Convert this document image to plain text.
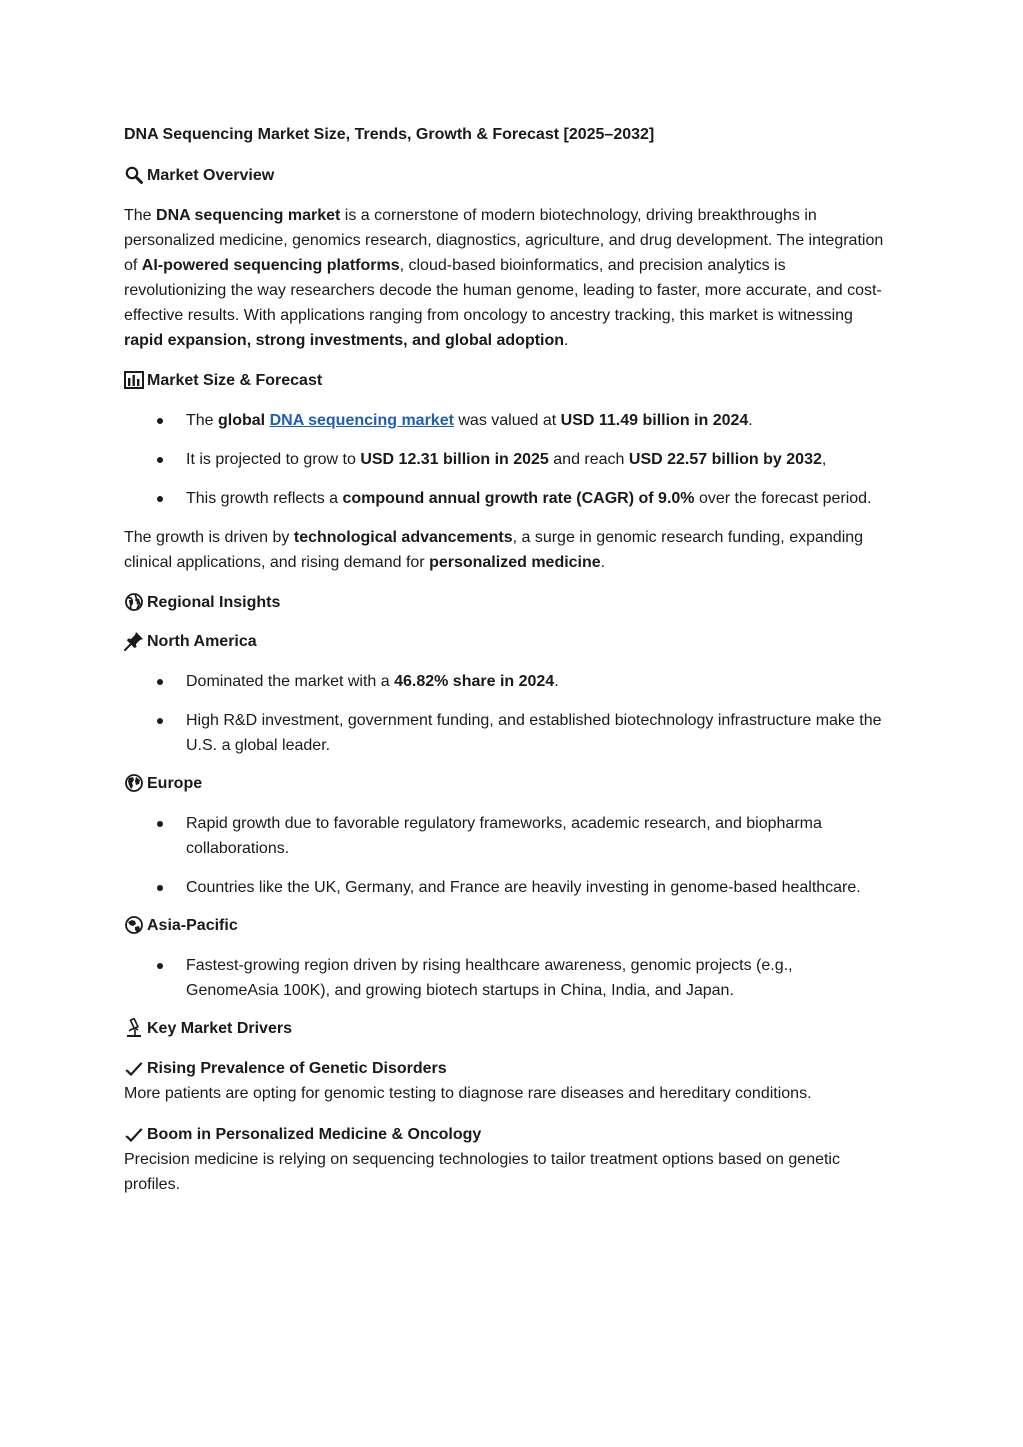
DNA Sequencing Market Size, Trends, Growth & Forecast [2025–2032]

Market Overview

The DNA sequencing market is a cornerstone of modern biotechnology, driving breakthroughs in personalized medicine, genomics research, diagnostics, agriculture, and drug development. The integration of AI-powered sequencing platforms, cloud-based bioinformatics, and precision analytics is revolutionizing the way researchers decode the human genome, leading to faster, more accurate, and cost-effective results. With applications ranging from oncology to ancestry tracking, this market is witnessing rapid expansion, strong investments, and global adoption.

Market Size & Forecast
The global DNA sequencing market was valued at USD 11.49 billion in 2024.
It is projected to grow to USD 12.31 billion in 2025 and reach USD 22.57 billion by 2032,
This growth reflects a compound annual growth rate (CAGR) of 9.0% over the forecast period.

The growth is driven by technological advancements, a surge in genomic research funding, expanding clinical applications, and rising demand for personalized medicine.

Regional Insights
North America
Dominated the market with a 46.82% share in 2024.
High R&D investment, government funding, and established biotechnology infrastructure make the U.S. a global leader.
Europe
Rapid growth due to favorable regulatory frameworks, academic research, and biopharma collaborations.
Countries like the UK, Germany, and France are heavily investing in genome-based healthcare.
Asia-Pacific
Fastest-growing region driven by rising healthcare awareness, genomic projects (e.g., GenomeAsia 100K), and growing biotech startups in China, India, and Japan.
Key Market Drivers
Rising Prevalence of Genetic Disorders

More patients are opting for genomic testing to diagnose rare diseases and hereditary conditions.

Boom in Personalized Medicine & Oncology

Precision medicine is relying on sequencing technologies to tailor treatment options based on genetic profiles.
